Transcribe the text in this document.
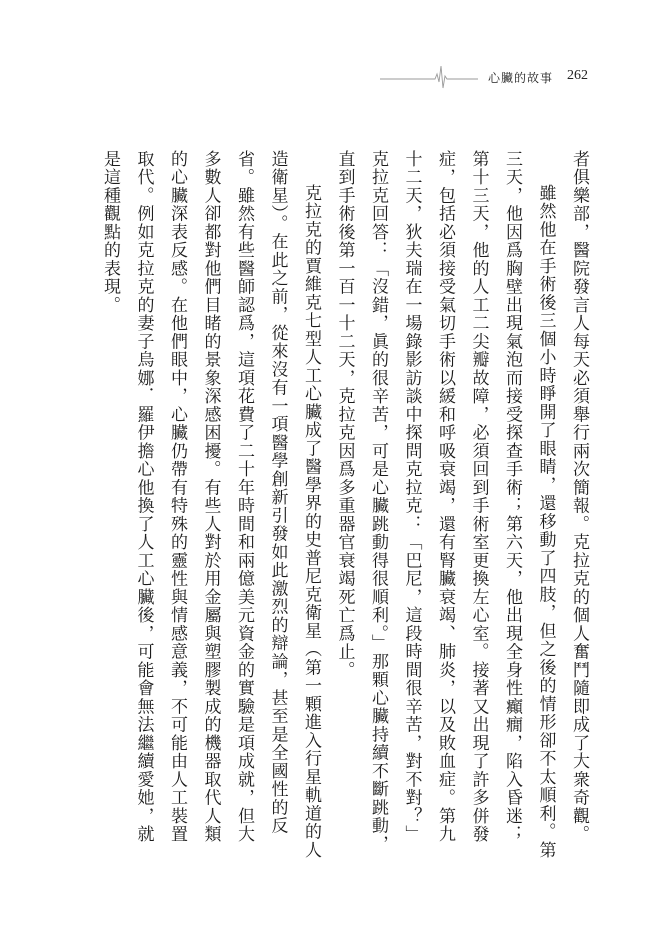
心臟的故事 262

者俱樂部，醫院發言人每天必須舉行兩次簡報。克拉克的個人奮鬥隨即成了大衆奇觀。

雖然他在手術後三個小時睜開了眼睛，還移動了四肢，但之後的情形卻不太順利。第三天，他因爲胸壁出現氣泡而接受探查手術；第六天，他出現全身性癲癇，陷入昏迷；第十三天，他的人工二尖瓣故障，必須回到手術室更換左心室。接著又出現了許多併發症，包括必須接受氣切手術以緩和呼吸衰竭，還有腎臟衰竭、肺炎，以及敗血症。第九十二天，狄夫瑞在一場錄影訪談中探問克拉克：「巴尼，這段時間很辛苦，對不對？」克拉克回答：「沒錯，眞的很辛苦，可是心臟跳動得很順利。」那顆心臟持續不斷跳動，直到手術後第一百一十二天，克拉克因爲多重器官衰竭死亡爲止。

克拉克的賈維克七型人工心臟成了醫學界的史普尼克衛星（第一顆進入行星軌道的人造衛星）。在此之前，從來沒有一項醫學創新引發如此激烈的辯論，甚至是全國性的反省。雖然有些醫師認爲，這項花費了二十年時間和兩億美元資金的實驗是項成就，但大多數人卻都對他們目睹的景象深感困擾。有些人對於用金屬與塑膠製成的機器取代人類的心臟深表反感。在他們眼中，心臟仍帶有特殊的靈性與情感意義，不可能由人工裝置取代。例如克拉克的妻子烏娜．羅伊擔心他換了人工心臟後，可能會無法繼續愛她，就是這種觀點的表現。
